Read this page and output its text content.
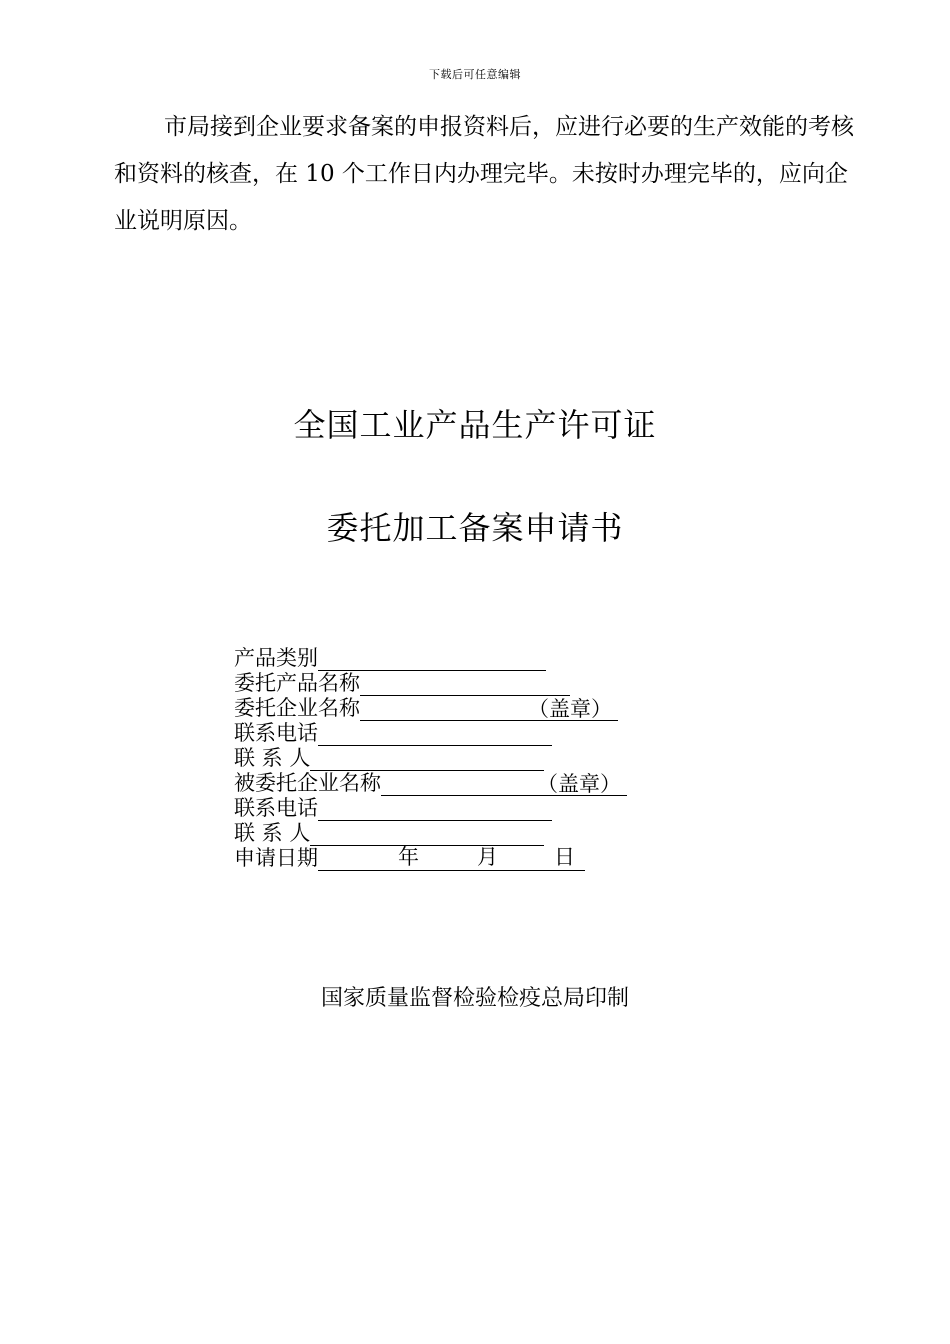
下载后可任意编辑

市局接到企业要求备案的申报资料后，应进行必要的生产效能的考核和资料的核查，在 10 个工作日内办理完毕。未按时办理完毕的，应向企业说明原因。

全国工业产品生产许可证
委托加工备案申请书
产品类别
委托产品名称
委托企业名称	（盖章）
联系电话
联 系 人
被委托企业名称	（盖章）
联系电话
联 系 人
申请日期	年	月	日

国家质量监督检验检疫总局印制
